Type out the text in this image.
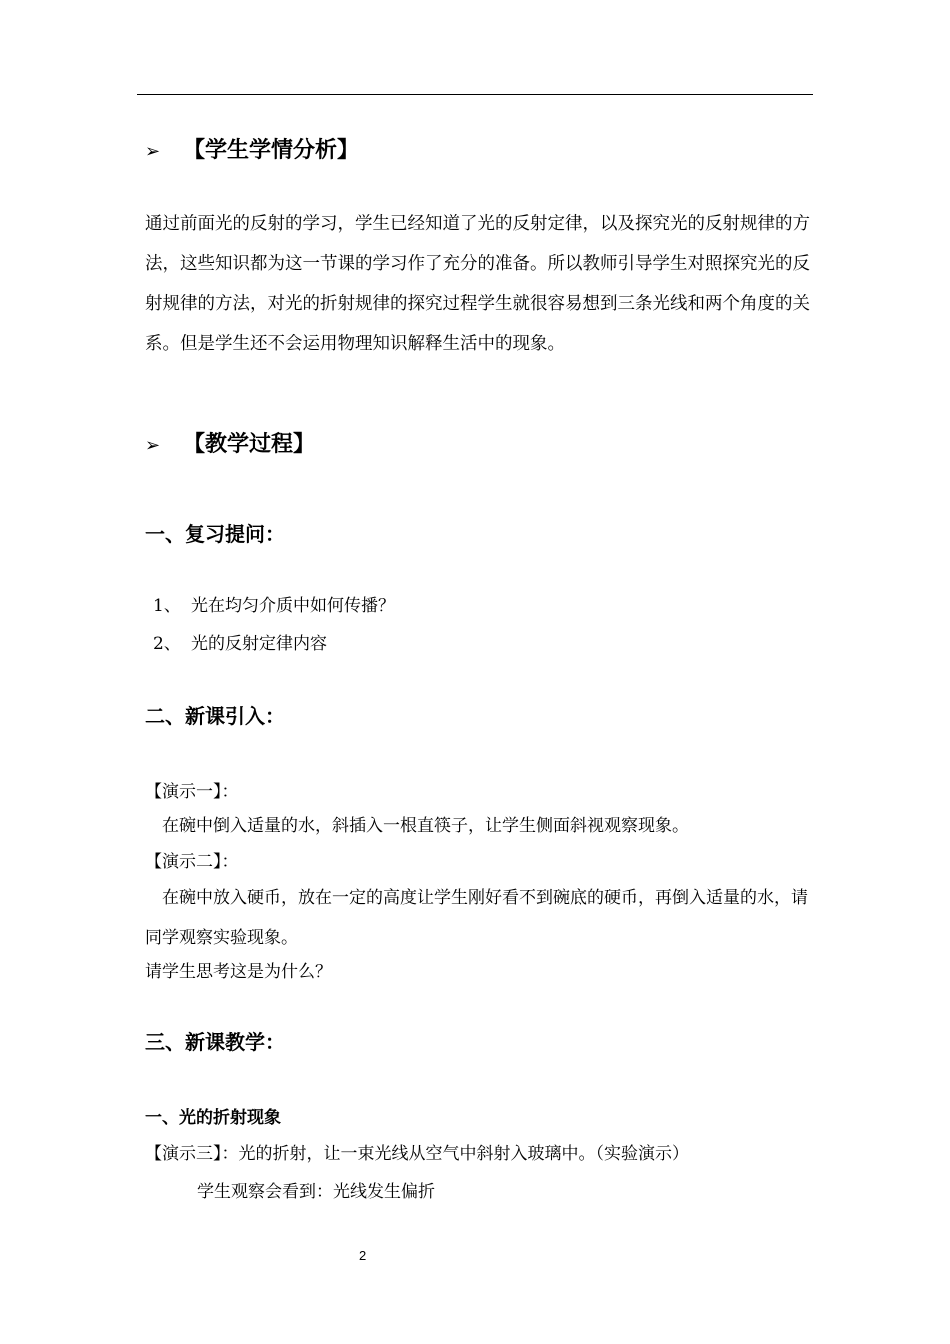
➢ 【学生学情分析】
通过前面光的反射的学习，学生已经知道了光的反射定律，以及探究光的反射规律的方法，这些知识都为这一节课的学习作了充分的准备。所以教师引导学生对照探究光的反射规律的方法，对光的折射规律的探究过程学生就很容易想到三条光线和两个角度的关系。但是学生还不会运用物理知识解释生活中的现象。
➢ 【教学过程】
一、复习提问：
1、 光在均匀介质中如何传播？
2、 光的反射定律内容
二、新课引入：
【演示一】：
在碗中倒入适量的水，斜插入一根直筷子，让学生侧面斜视观察现象。
【演示二】：
在碗中放入硬币，放在一定的高度让学生刚好看不到碗底的硬币，再倒入适量的水，请同学观察实验现象。
请学生思考这是为什么？
三、新课教学：
一、光的折射现象
【演示三】：光的折射，让一束光线从空气中斜射入玻璃中。（实验演示）
学生观察会看到：光线发生偏折
2
